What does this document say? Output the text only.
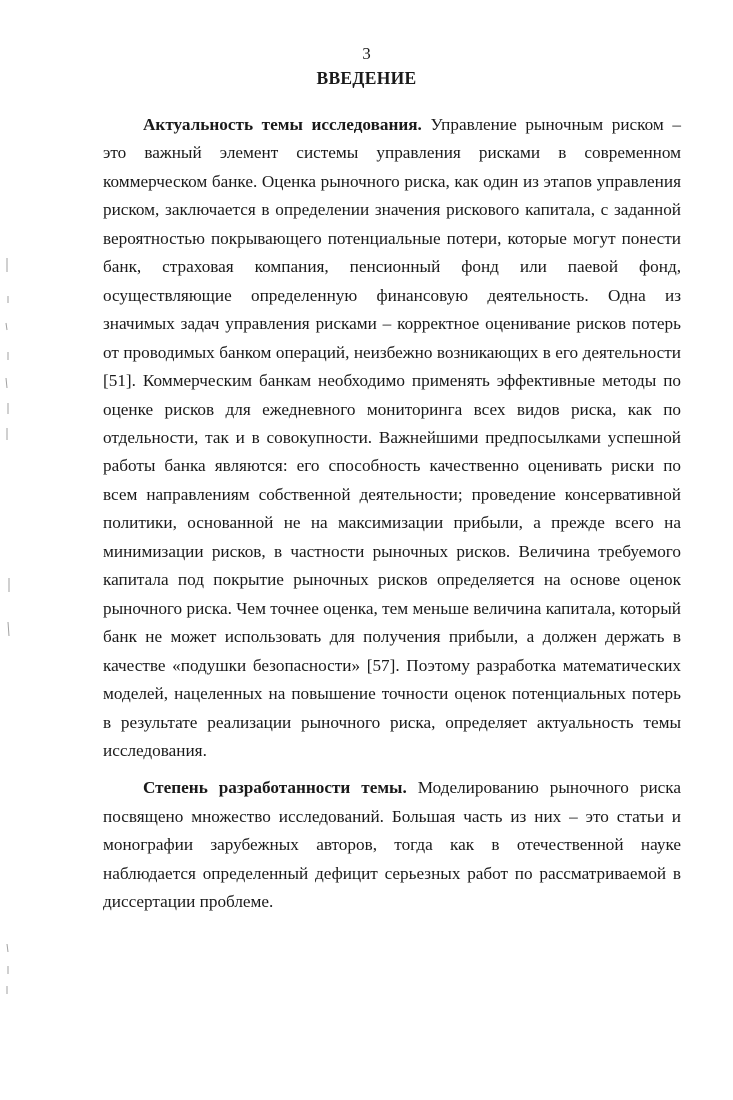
3
ВВЕДЕНИЕ

Актуальность темы исследования. Управление рыночным риском – это важный элемент системы управления рисками в современном коммерческом банке. Оценка рыночного риска, как один из этапов управления риском, заключается в определении значения рискового капитала, с заданной вероятностью покрывающего потенциальные потери, которые могут понести банк, страховая компания, пенсионный фонд или паевой фонд, осуществляющие определенную финансовую деятельность. Одна из значимых задач управления рисками – корректное оценивание рисков потерь от проводимых банком операций, неизбежно возникающих в его деятельности [51]. Коммерческим банкам необходимо применять эффективные методы по оценке рисков для ежедневного мониторинга всех видов риска, как по отдельности, так и в совокупности. Важнейшими предпосылками успешной работы банка являются: его способность качественно оценивать риски по всем направлениям собственной деятельности; проведение консервативной политики, основанной не на максимизации прибыли, а прежде всего на минимизации рисков, в частности рыночных рисков. Величина требуемого капитала под покрытие рыночных рисков определяется на основе оценок рыночного риска. Чем точнее оценка, тем меньше величина капитала, который банк не может использовать для получения прибыли, а должен держать в качестве «подушки безопасности» [57]. Поэтому разработка математических моделей, нацеленных на повышение точности оценок потенциальных потерь в результате реализации рыночного риска, определяет актуальность темы исследования.

Степень разработанности темы. Моделированию рыночного риска посвящено множество исследований. Большая часть из них – это статьи и монографии зарубежных авторов, тогда как в отечественной науке наблюдается определенный дефицит серьезных работ по рассматриваемой в диссертации проблеме.
